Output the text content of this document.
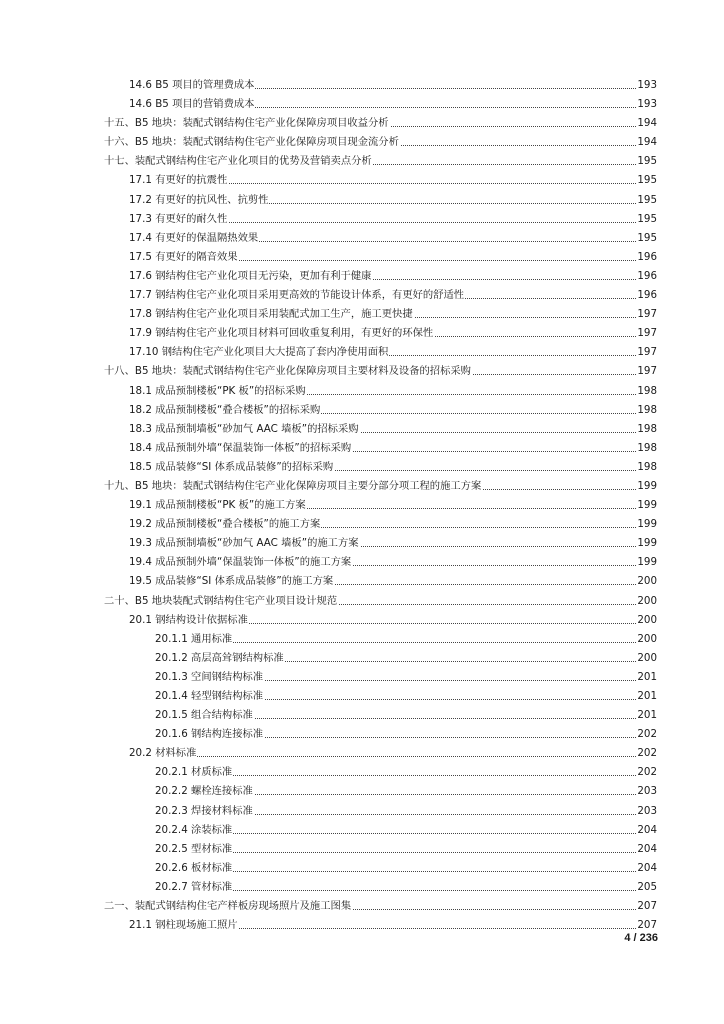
14.6 B5 项目的管理费成本	193
14.6 B5 项目的营销费成本	193
十五、B5 地块：装配式钢结构住宅产业化保障房项目收益分析	194
十六、B5 地块：装配式钢结构住宅产业化保障房项目现金流分析	194
十七、装配式钢结构住宅产业化项目的优势及营销卖点分析	195
17.1 有更好的抗震性	195
17.2 有更好的抗风性、抗剪性	195
17.3 有更好的耐久性	195
17.4 有更好的保温隔热效果	195
17.5 有更好的隔音效果	196
17.6 钢结构住宅产业化项目无污染，更加有利于健康	196
17.7 钢结构住宅产业化项目采用更高效的节能设计体系，有更好的舒适性	196
17.8 钢结构住宅产业化项目采用装配式加工生产，施工更快捷	197
17.9 钢结构住宅产业化项目材料可回收重复利用，有更好的环保性	197
17.10 钢结构住宅产业化项目大大提高了套内净使用面积	197
十八、B5 地块：装配式钢结构住宅产业化保障房项目主要材料及设备的招标采购	197
18.1 成品预制楼板“PK 板”的招标采购	198
18.2 成品预制楼板“叠合楼板”的招标采购	198
18.3 成品预制墙板“砂加气 AAC 墙板”的招标采购	198
18.4 成品预制外墙“保温装饰一体板”的招标采购	198
18.5 成品装修“SI 体系成品装修”的招标采购	198
十九、B5 地块：装配式钢结构住宅产业化保障房项目主要分部分项工程的施工方案	199
19.1 成品预制楼板“PK 板”的施工方案	199
19.2 成品预制楼板“叠合楼板”的施工方案	199
19.3 成品预制墙板“砂加气 AAC 墙板”的施工方案	199
19.4 成品预制外墙“保温装饰一体板”的施工方案	199
19.5 成品装修“SI 体系成品装修”的施工方案	200
二十、B5 地块装配式钢结构住宅产业项目设计规范	200
20.1 钢结构设计依据标准	200
20.1.1 通用标准	200
20.1.2 高层高耸钢结构标准	200
20.1.3 空间钢结构标准	201
20.1.4 轻型钢结构标准	201
20.1.5 组合结构标准	201
20.1.6 钢结构连接标准	202
20.2 材料标准	202
20.2.1 材质标准	202
20.2.2 螺栓连接标准	203
20.2.3 焊接材料标准	203
20.2.4 涂装标准	204
20.2.5 型材标准	204
20.2.6 板材标准	204
20.2.7 管材标准	205
二一、装配式钢结构住宅产样板房现场照片及施工图集	207
21.1 钢柱现场施工照片	207
4 / 236
